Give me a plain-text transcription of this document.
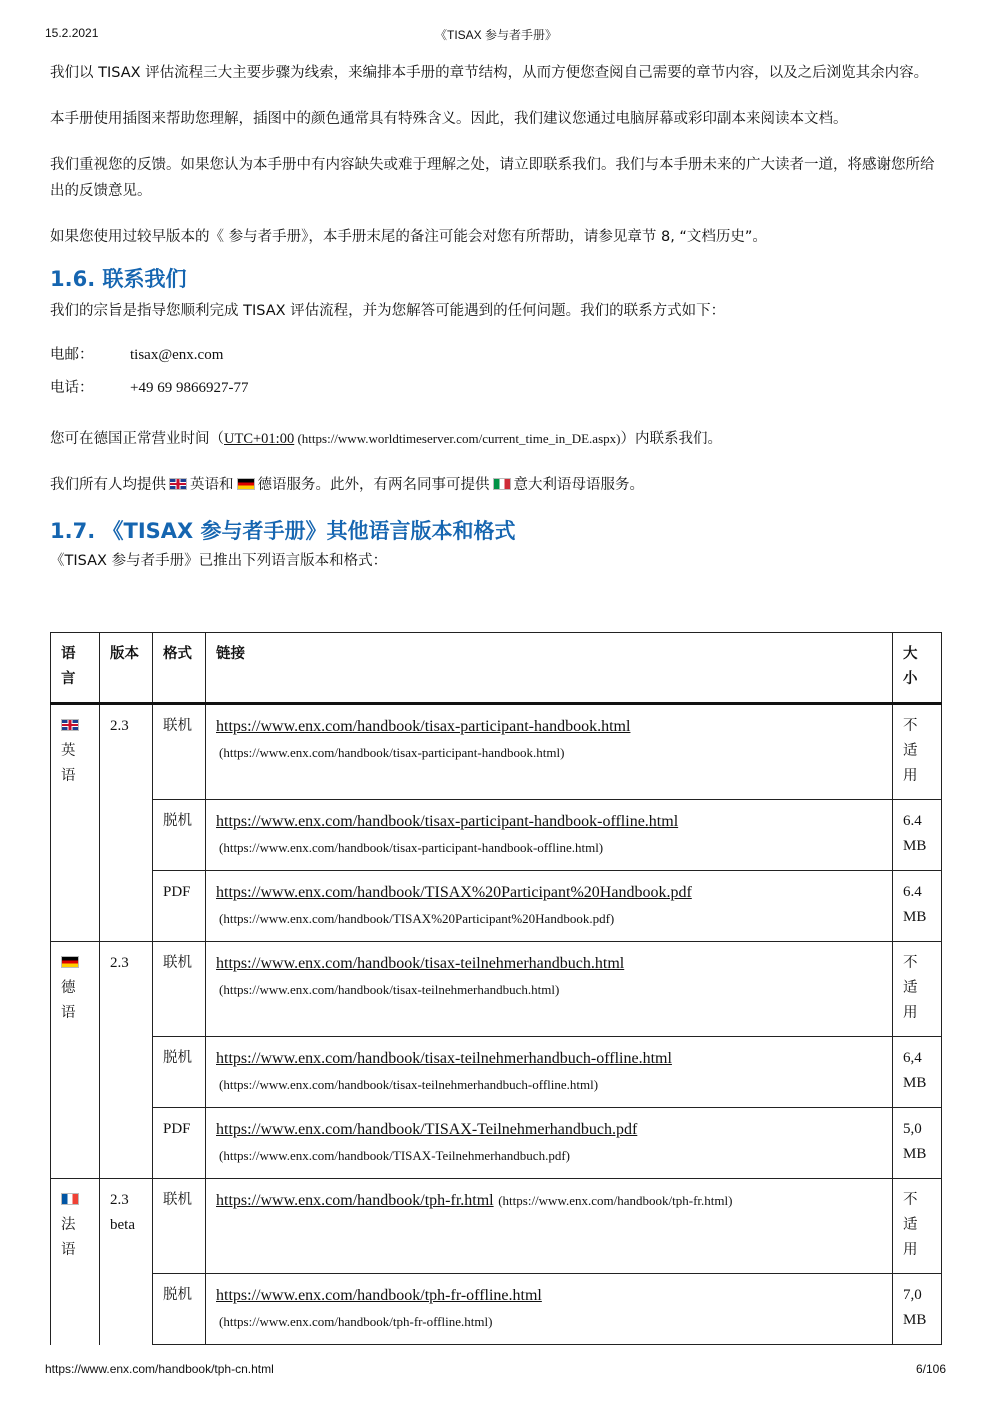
15.2.2021	《TISAX 参与者手册》

我们以 TISAX 评估流程三大主要步骤为线索，来编排本手册的章节结构，从而方便您查阅自己需要的章节内容，以及之后浏览其余内容。

本手册使用插图来帮助您理解，插图中的颜色通常具有特殊含义。因此，我们建议您通过电脑屏幕或彩印副本来阅读本文档。

我们重视您的反馈。如果您认为本手册中有内容缺失或难于理解之处，请立即联系我们。我们与本手册未来的广大读者一道，将感谢您所给出的反馈意见。

如果您使用过较早版本的《 参与者手册》，本手册末尾的备注可能会对您有所帮助，请参见章节 8, “文档历史”。

1.6. 联系我们

我们的宗旨是指导您顺利完成 TISAX 评估流程，并为您解答可能遇到的任何问题。我们的联系方式如下：

电邮：	tisax@enx.com
电话：	+49 69 9866927-77

您可在德国正常营业时间（UTC+01:00 (https://www.worldtimeserver.com/current_time_in_DE.aspx)）内联系我们。

我们所有人均提供 英语和 德语服务。此外，有两名同事可提供 意大利语母语服务。

1.7. 《TISAX 参与者手册》其他语言版本和格式

《TISAX 参与者手册》已推出下列语言版本和格式：

语言	版本	格式	链接	大小

英语	2.3	联机	https://www.enx.com/handbook/tisax-participant-handbook.html
(https://www.enx.com/handbook/tisax-participant-handbook.html)	不适用
		脱机	https://www.enx.com/handbook/tisax-participant-handbook-offline.html
(https://www.enx.com/handbook/tisax-participant-handbook-offline.html)	6.4 MB
		PDF	https://www.enx.com/handbook/TISAX%20Participant%20Handbook.pdf
(https://www.enx.com/handbook/TISAX%20Participant%20Handbook.pdf)	6.4 MB

德语	2.3	联机	https://www.enx.com/handbook/tisax-teilnehmerhandbuch.html
(https://www.enx.com/handbook/tisax-teilnehmerhandbuch.html)	不适用
		脱机	https://www.enx.com/handbook/tisax-teilnehmerhandbuch-offline.html
(https://www.enx.com/handbook/tisax-teilnehmerhandbuch-offline.html)	6,4 MB
		PDF	https://www.enx.com/handbook/TISAX-Teilnehmerhandbuch.pdf
(https://www.enx.com/handbook/TISAX-Teilnehmerhandbuch.pdf)	5,0 MB

法语	2.3 beta	联机	https://www.enx.com/handbook/tph-fr.html (https://www.enx.com/handbook/tph-fr.html)	不适用
		脱机	https://www.enx.com/handbook/tph-fr-offline.html
(https://www.enx.com/handbook/tph-fr-offline.html)	7,0 MB
https://www.enx.com/handbook/tph-cn.html	6/106
